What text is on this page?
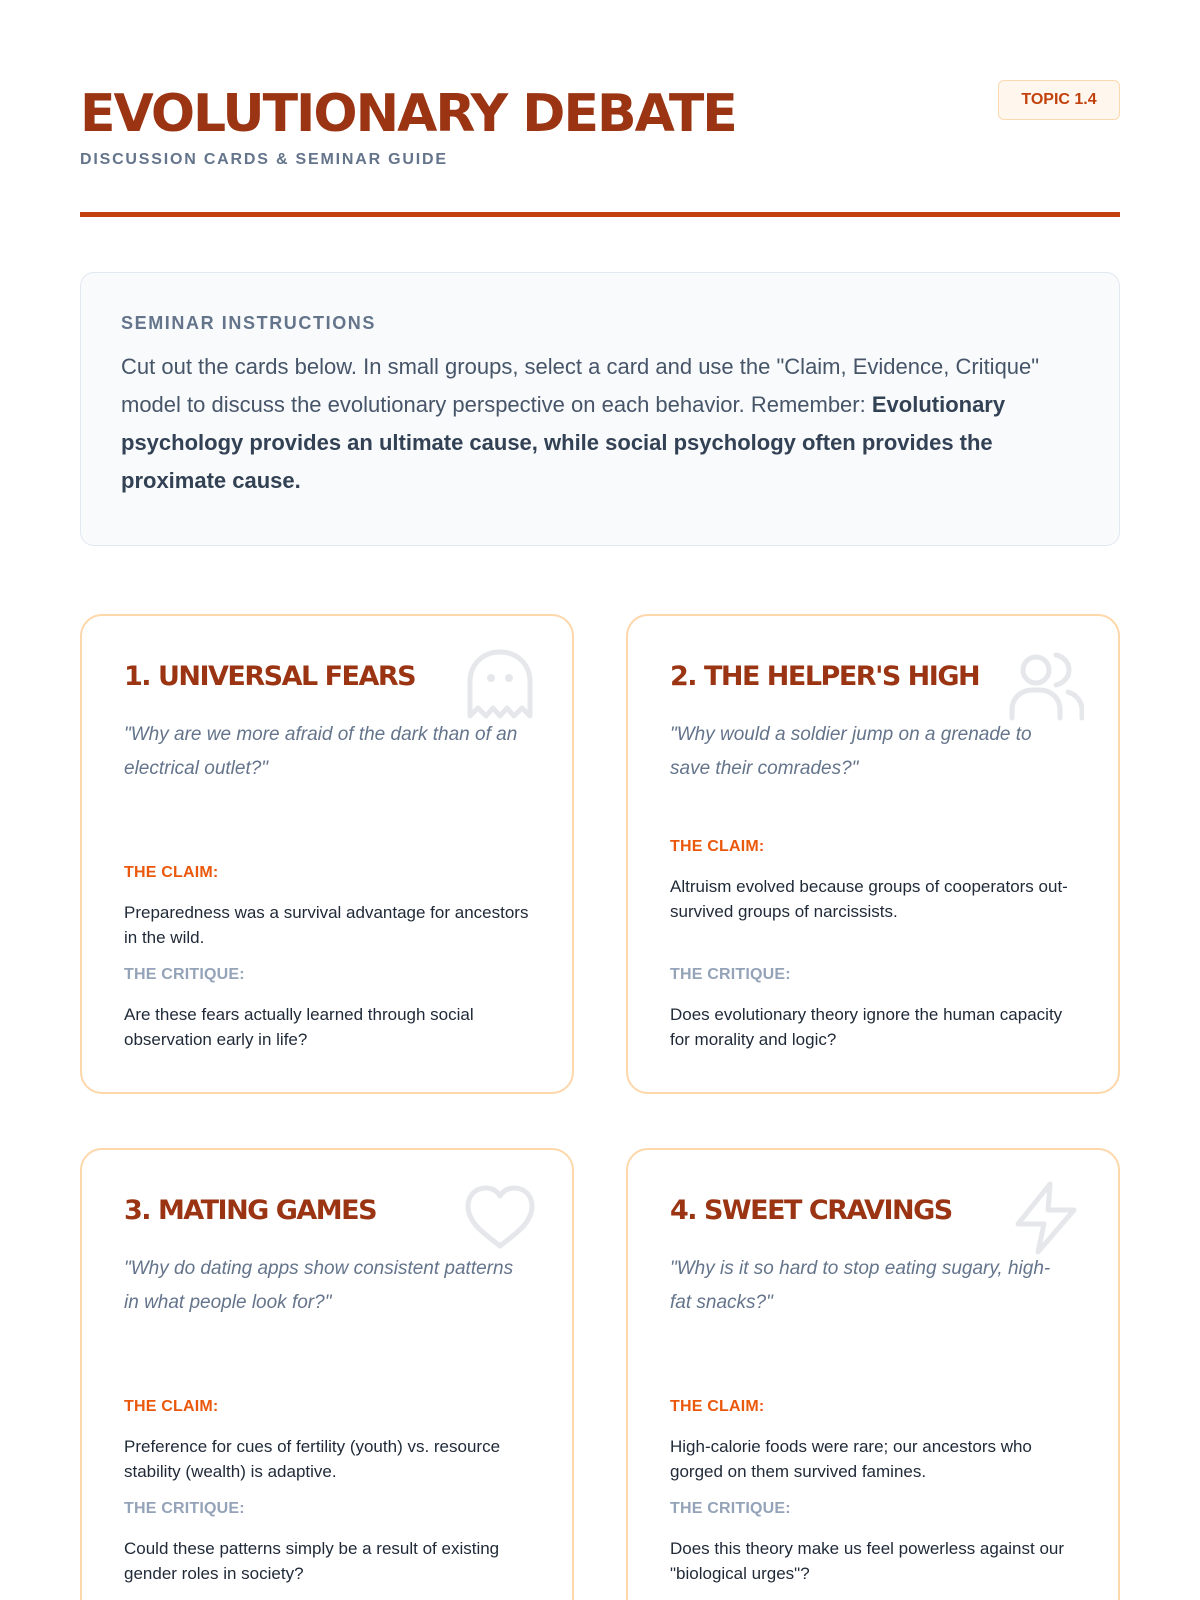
EVOLUTIONARY DEBATE
DISCUSSION CARDS & SEMINAR GUIDE
TOPIC 1.4
SEMINAR INSTRUCTIONS

Cut out the cards below. In small groups, select a card and use the "Claim, Evidence, Critique" model to discuss the evolutionary perspective on each behavior. Remember: Evolutionary psychology provides an ultimate cause, while social psychology often provides the proximate cause.

1. UNIVERSAL FEARS
"Why are we more afraid of the dark than of an electrical outlet?"
THE CLAIM:
Preparedness was a survival advantage for ancestors in the wild.
THE CRITIQUE:
Are these fears actually learned through social observation early in life?
2. THE HELPER'S HIGH
"Why would a soldier jump on a grenade to save their comrades?"
THE CLAIM:
Altruism evolved because groups of cooperators out-survived groups of narcissists.
THE CRITIQUE:
Does evolutionary theory ignore the human capacity for morality and logic?
3. MATING GAMES
"Why do dating apps show consistent patterns in what people look for?"
THE CLAIM:
Preference for cues of fertility (youth) vs. resource stability (wealth) is adaptive.
THE CRITIQUE:
Could these patterns simply be a result of existing gender roles in society?
4. SWEET CRAVINGS
"Why is it so hard to stop eating sugary, high-fat snacks?"
THE CLAIM:
High-calorie foods were rare; our ancestors who gorged on them survived famines.
THE CRITIQUE:
Does this theory make us feel powerless against our "biological urges"?
